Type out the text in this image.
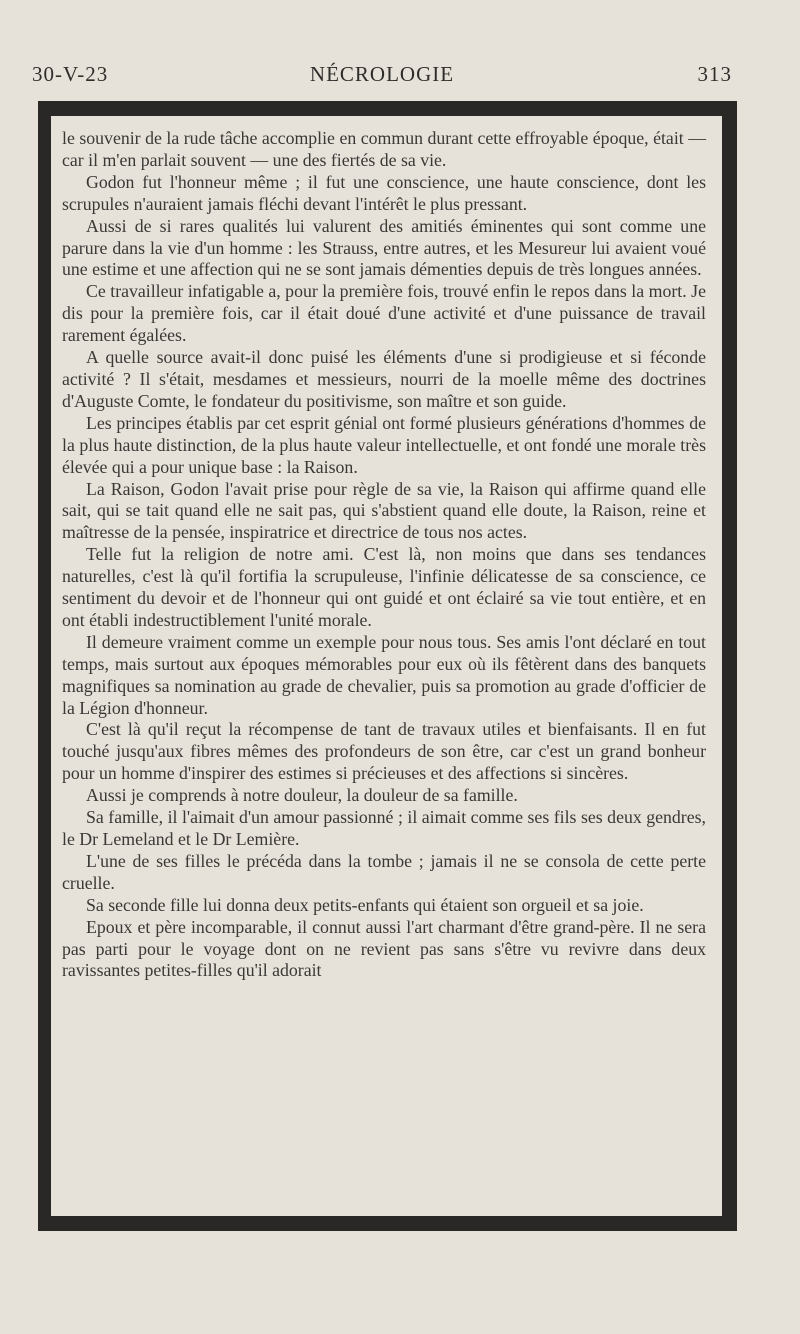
30-V-23	NÉCROLOGIE	313

le souvenir de la rude tâche accomplie en commun durant cette effroyable époque, était — car il m'en parlait souvent — une des fiertés de sa vie.

Godon fut l'honneur même ; il fut une conscience, une haute conscience, dont les scrupules n'auraient jamais fléchi devant l'intérêt le plus pressant.

Aussi de si rares qualités lui valurent des amitiés éminentes qui sont comme une parure dans la vie d'un homme : les Strauss, entre autres, et les Mesureur lui avaient voué une estime et une affection qui ne se sont jamais démenties depuis de très longues années.

Ce travailleur infatigable a, pour la première fois, trouvé enfin le repos dans la mort. Je dis pour la première fois, car il était doué d'une activité et d'une puissance de travail rarement égalées.

A quelle source avait-il donc puisé les éléments d'une si prodigieuse et si féconde activité ? Il s'était, mesdames et messieurs, nourri de la moelle même des doctrines d'Auguste Comte, le fondateur du positivisme, son maître et son guide.

Les principes établis par cet esprit génial ont formé plusieurs générations d'hommes de la plus haute distinction, de la plus haute valeur intellectuelle, et ont fondé une morale très élevée qui a pour unique base : la Raison.

La Raison, Godon l'avait prise pour règle de sa vie, la Raison qui affirme quand elle sait, qui se tait quand elle ne sait pas, qui s'abstient quand elle doute, la Raison, reine et maîtresse de la pensée, inspiratrice et directrice de tous nos actes.

Telle fut la religion de notre ami. C'est là, non moins que dans ses tendances naturelles, c'est là qu'il fortifia la scrupuleuse, l'infinie délicatesse de sa conscience, ce sentiment du devoir et de l'honneur qui ont guidé et ont éclairé sa vie tout entière, et en ont établi indestructiblement l'unité morale.

Il demeure vraiment comme un exemple pour nous tous. Ses amis l'ont déclaré en tout temps, mais surtout aux époques mémorables pour eux où ils fêtèrent dans des banquets magnifiques sa nomination au grade de chevalier, puis sa promotion au grade d'officier de la Légion d'honneur.

C'est là qu'il reçut la récompense de tant de travaux utiles et bienfaisants. Il en fut touché jusqu'aux fibres mêmes des profondeurs de son être, car c'est un grand bonheur pour un homme d'inspirer des estimes si précieuses et des affections si sincères.

Aussi je comprends à notre douleur, la douleur de sa famille.

Sa famille, il l'aimait d'un amour passionné ; il aimait comme ses fils ses deux gendres, le Dr Lemeland et le Dr Lemière.

L'une de ses filles le précéda dans la tombe ; jamais il ne se consola de cette perte cruelle.

Sa seconde fille lui donna deux petits-enfants qui étaient son orgueil et sa joie.

Epoux et père incomparable, il connut aussi l'art charmant d'être grand-père. Il ne sera pas parti pour le voyage dont on ne revient pas sans s'être vu revivre dans deux ravissantes petites-filles qu'il adorait
